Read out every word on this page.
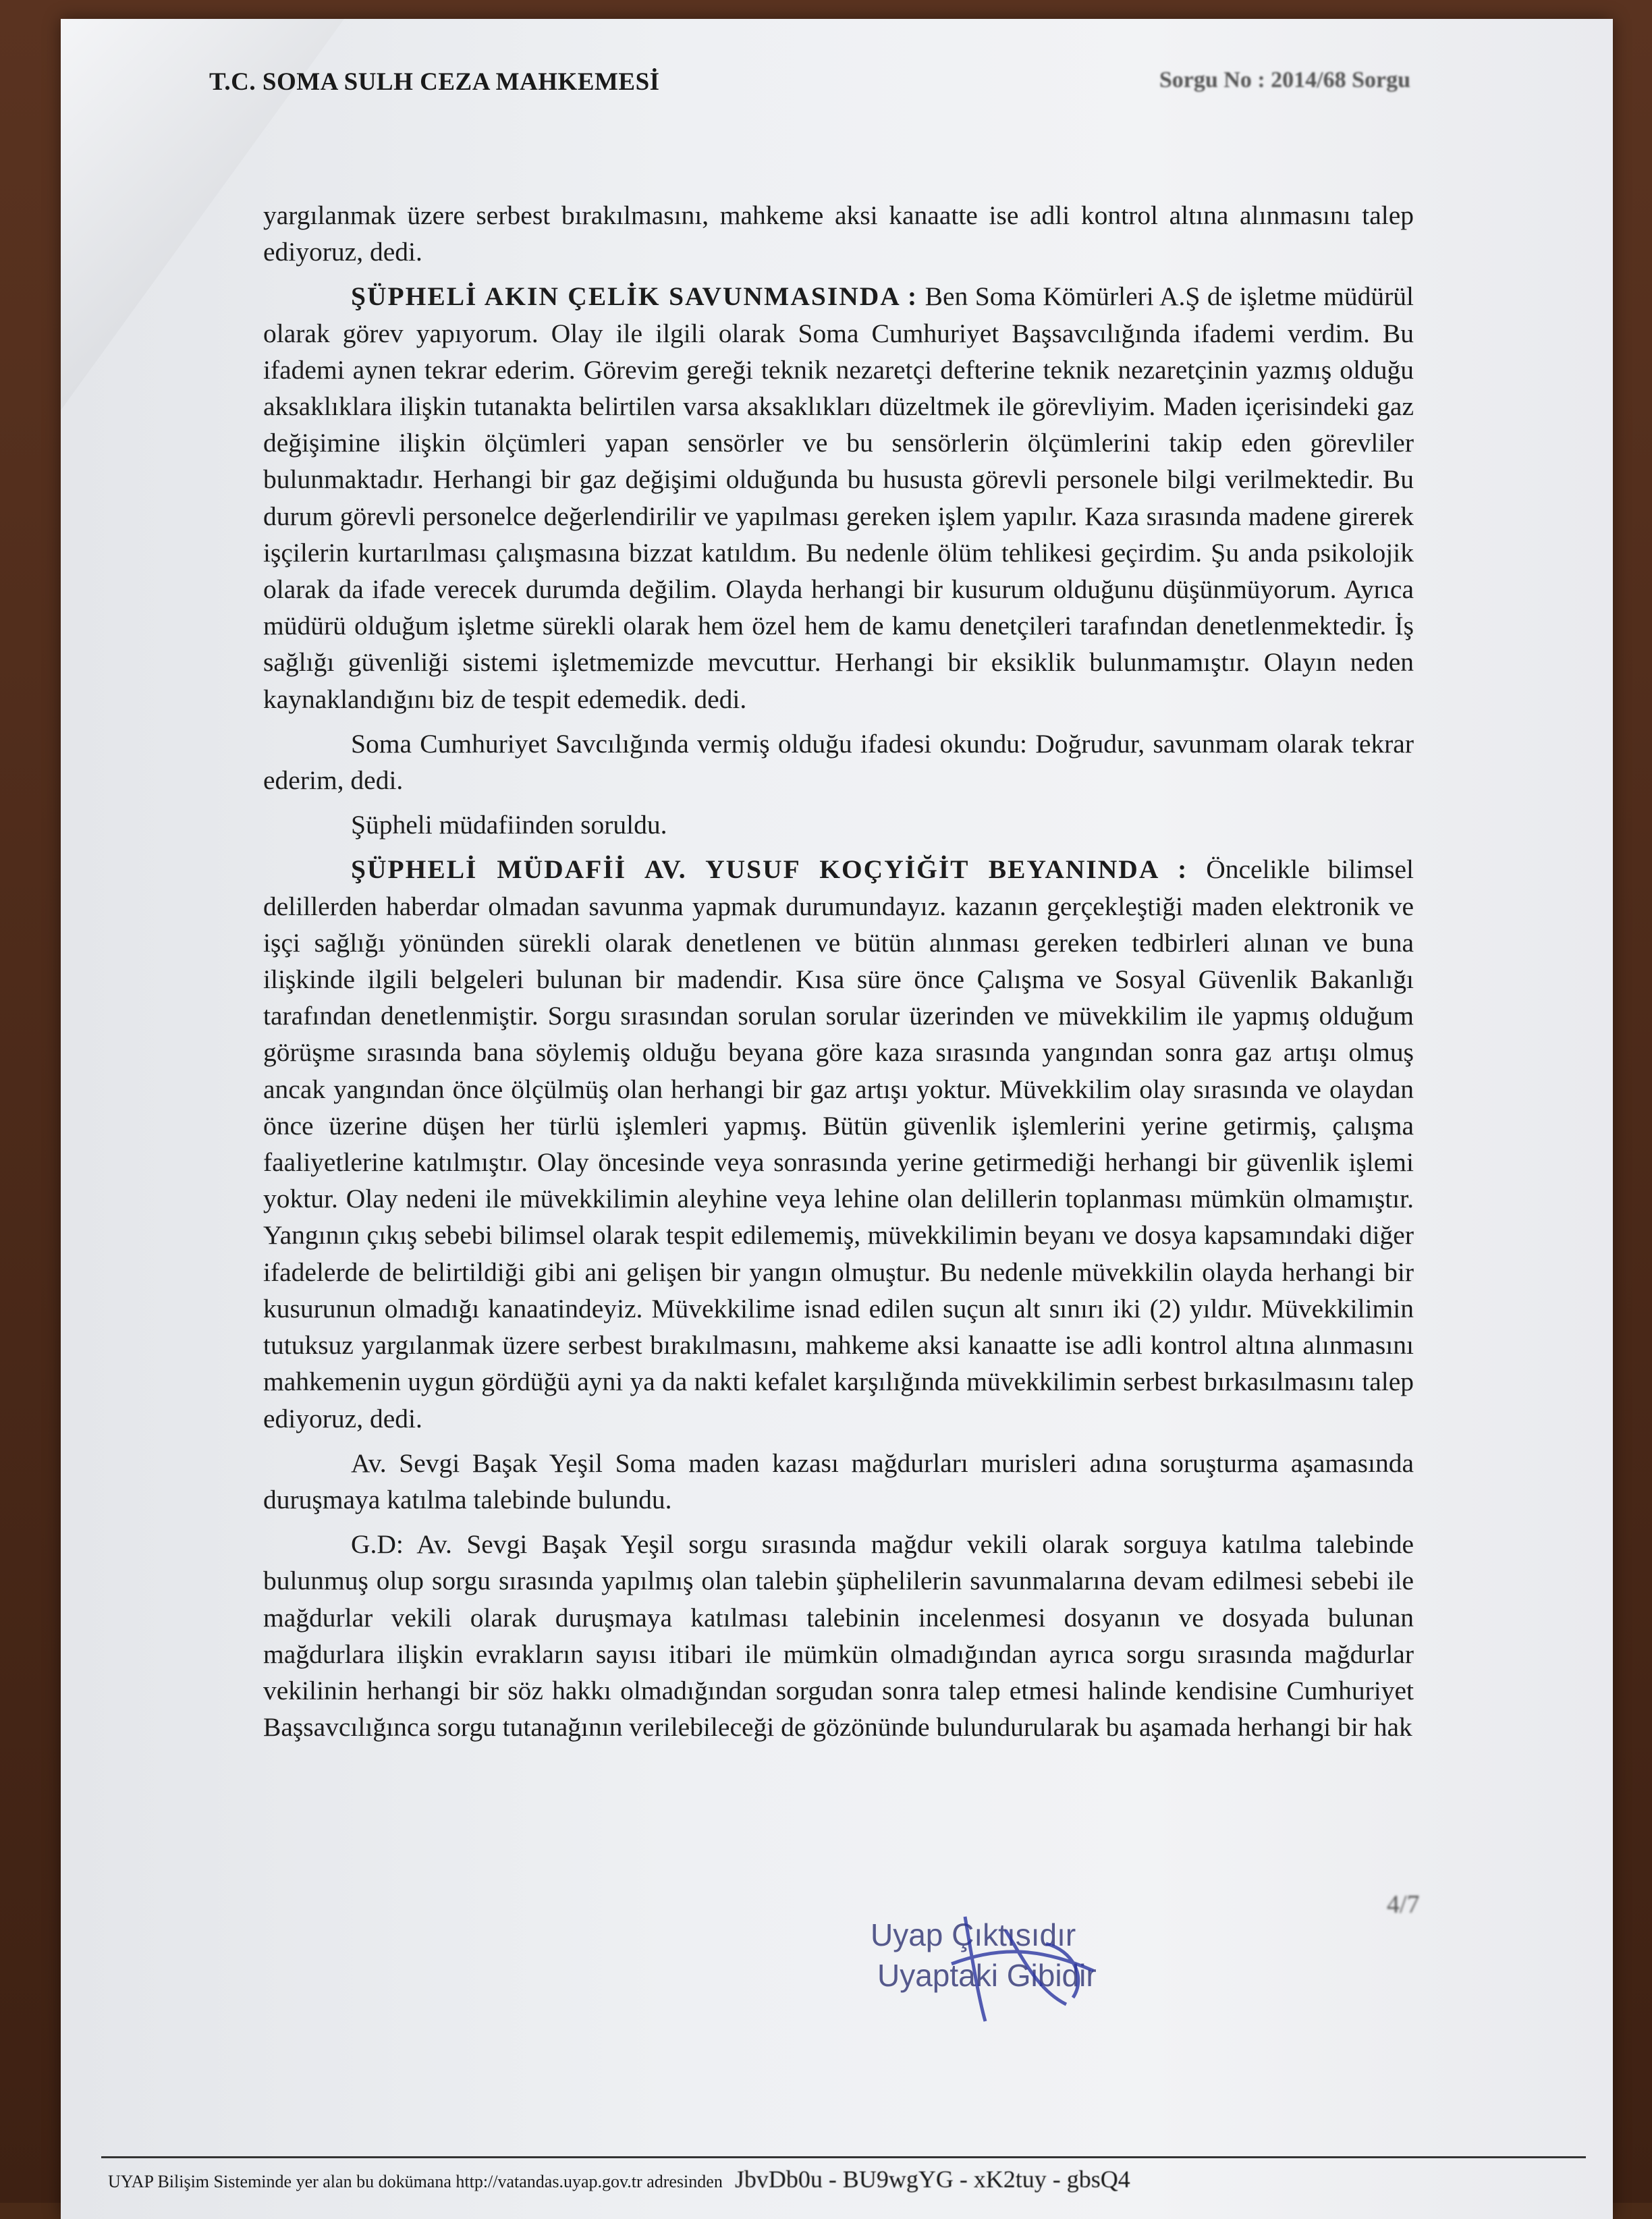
T.C. SOMA SULH CEZA MAHKEMESİ	Sorgu No : 2014/68 Sorgu

yargılanmak üzere serbest bırakılmasını, mahkeme aksi kanaatte ise adli kontrol altına alınmasını talep ediyoruz, dedi.

ŞÜPHELİ AKIN ÇELİK SAVUNMASINDA : Ben Soma Kömürleri A.Ş de işletme müdürül olarak görev yapıyorum. Olay ile ilgili olarak Soma Cumhuriyet Başsavcılığında ifademi verdim. Bu ifademi aynen tekrar ederim. Görevim gereği teknik nezaretçi defterine teknik nezaretçinin yazmış olduğu aksaklıklara ilişkin tutanakta belirtilen varsa aksaklıkları düzeltmek ile görevliyim. Maden içerisindeki gaz değişimine ilişkin ölçümleri yapan sensörler ve bu sensörlerin ölçümlerini takip eden görevliler bulunmaktadır. Herhangi bir gaz değişimi olduğunda bu hususta görevli personele bilgi verilmektedir. Bu durum görevli personelce değerlendirilir ve yapılması gereken işlem yapılır. Kaza sırasında madene girerek işçilerin kurtarılması çalışmasına bizzat katıldım. Bu nedenle ölüm tehlikesi geçirdim. Şu anda psikolojik olarak da ifade verecek durumda değilim. Olayda herhangi bir kusurum olduğunu düşünmüyorum. Ayrıca müdürü olduğum işletme sürekli olarak hem özel hem de kamu denetçileri tarafından denetlenmektedir. İş sağlığı güvenliği sistemi işletmemizde mevcuttur. Herhangi bir eksiklik bulunmamıştır. Olayın neden kaynaklandığını biz de tespit edemedik. dedi.

Soma Cumhuriyet Savcılığında vermiş olduğu ifadesi okundu: Doğrudur, savunmam olarak tekrar ederim, dedi.

Şüpheli müdafiinden soruldu.

ŞÜPHELİ MÜDAFİİ AV. YUSUF KOÇYİĞİT BEYANINDA : Öncelikle bilimsel delillerden haberdar olmadan savunma yapmak durumundayız. kazanın gerçekleştiği maden elektronik ve işçi sağlığı yönünden sürekli olarak denetlenen ve bütün alınması gereken tedbirleri alınan ve buna ilişkinde ilgili belgeleri bulunan bir madendir. Kısa süre önce Çalışma ve Sosyal Güvenlik Bakanlığı tarafından denetlenmiştir. Sorgu sırasından sorulan sorular üzerinden ve müvekkilim ile yapmış olduğum görüşme sırasında bana söylemiş olduğu beyana göre kaza sırasında yangından sonra gaz artışı olmuş ancak yangından önce ölçülmüş olan herhangi bir gaz artışı yoktur. Müvekkilim olay sırasında ve olaydan önce üzerine düşen her türlü işlemleri yapmış. Bütün güvenlik işlemlerini yerine getirmiş, çalışma faaliyetlerine katılmıştır. Olay öncesinde veya sonrasında yerine getirmediği herhangi bir güvenlik işlemi yoktur. Olay nedeni ile müvekkilimin aleyhine veya lehine olan delillerin toplanması mümkün olmamıştır. Yangının çıkış sebebi bilimsel olarak tespit edilememiş, müvekkilimin beyanı ve dosya kapsamındaki diğer ifadelerde de belirtildiği gibi ani gelişen bir yangın olmuştur. Bu nedenle müvekkilin olayda herhangi bir kusurunun olmadığı kanaatindeyiz. Müvekkilime isnad edilen suçun alt sınırı iki (2) yıldır. Müvekkilimin tutuksuz yargılanmak üzere serbest bırakılmasını, mahkeme aksi kanaatte ise adli kontrol altına alınmasını mahkemenin uygun gördüğü ayni ya da nakti kefalet karşılığında müvekkilimin serbest bırkasılmasını talep ediyoruz, dedi.

Av. Sevgi Başak Yeşil Soma maden kazası mağdurları murisleri adına soruşturma aşamasında duruşmaya katılma talebinde bulundu.

G.D: Av. Sevgi Başak Yeşil sorgu sırasında mağdur vekili olarak sorguya katılma talebinde bulunmuş olup sorgu sırasında yapılmış olan talebin şüphelilerin savunmalarına devam edilmesi sebebi ile mağdurlar vekili olarak duruşmaya katılması talebinin incelenmesi dosyanın ve dosyada bulunan mağdurlara ilişkin evrakların sayısı itibari ile mümkün olmadığından ayrıca sorgu sırasında mağdurlar vekilinin herhangi bir söz hakkı olmadığından sorgudan sonra talep etmesi halinde kendisine Cumhuriyet Başsavcılığınca sorgu tutanağının verilebileceği de gözönünde bulundurularak bu aşamada herhangi bir hak

4/7
Uyap Çıktısıdır
Uyaptaki Gibidir
UYAP Bilişim Sisteminde yer alan bu dokümana http://vatandas.uyap.gov.tr adresinden JbvDb0u - BU9wgYG - xK2tuy - gbsQ4
